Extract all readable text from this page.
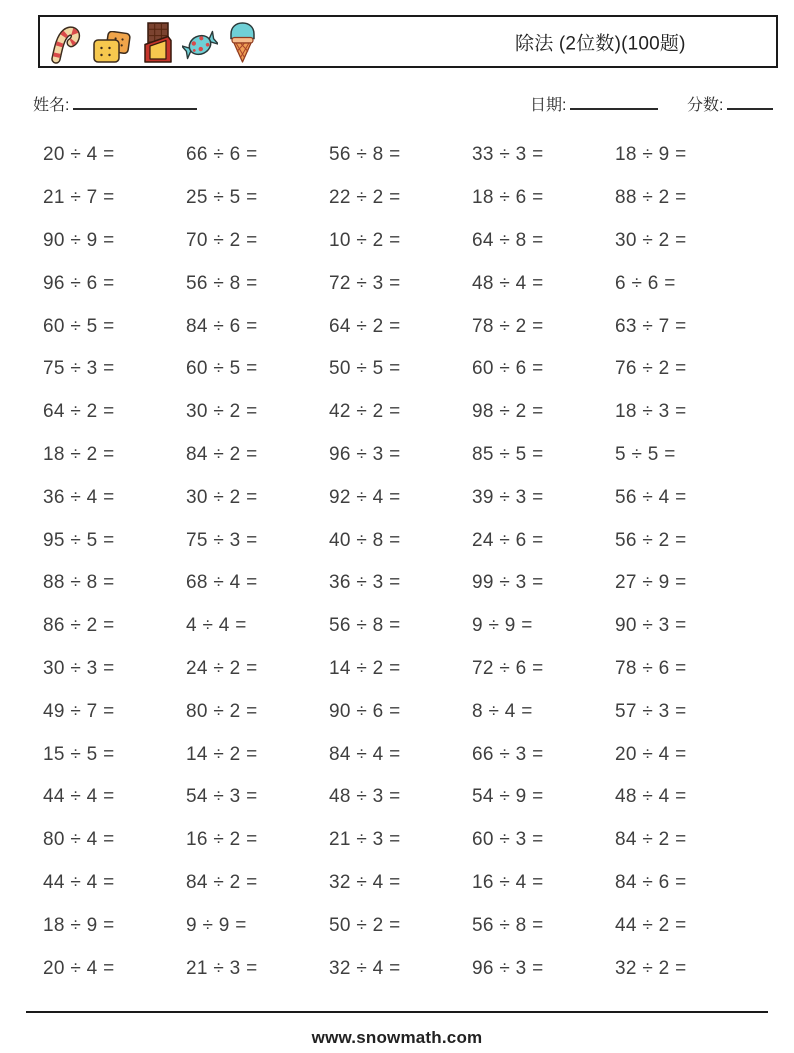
除法 (2位数)(100题)
姓名:	日期:	分数:
20 ÷ 4 =	66 ÷ 6 =	56 ÷ 8 =	33 ÷ 3 =	18 ÷ 9 =
21 ÷ 7 =	25 ÷ 5 =	22 ÷ 2 =	18 ÷ 6 =	88 ÷ 2 =
90 ÷ 9 =	70 ÷ 2 =	10 ÷ 2 =	64 ÷ 8 =	30 ÷ 2 =
96 ÷ 6 =	56 ÷ 8 =	72 ÷ 3 =	48 ÷ 4 =	6 ÷ 6 =
60 ÷ 5 =	84 ÷ 6 =	64 ÷ 2 =	78 ÷ 2 =	63 ÷ 7 =
75 ÷ 3 =	60 ÷ 5 =	50 ÷ 5 =	60 ÷ 6 =	76 ÷ 2 =
64 ÷ 2 =	30 ÷ 2 =	42 ÷ 2 =	98 ÷ 2 =	18 ÷ 3 =
18 ÷ 2 =	84 ÷ 2 =	96 ÷ 3 =	85 ÷ 5 =	5 ÷ 5 =
36 ÷ 4 =	30 ÷ 2 =	92 ÷ 4 =	39 ÷ 3 =	56 ÷ 4 =
95 ÷ 5 =	75 ÷ 3 =	40 ÷ 8 =	24 ÷ 6 =	56 ÷ 2 =
88 ÷ 8 =	68 ÷ 4 =	36 ÷ 3 =	99 ÷ 3 =	27 ÷ 9 =
86 ÷ 2 =	4 ÷ 4 =	56 ÷ 8 =	9 ÷ 9 =	90 ÷ 3 =
30 ÷ 3 =	24 ÷ 2 =	14 ÷ 2 =	72 ÷ 6 =	78 ÷ 6 =
49 ÷ 7 =	80 ÷ 2 =	90 ÷ 6 =	8 ÷ 4 =	57 ÷ 3 =
15 ÷ 5 =	14 ÷ 2 =	84 ÷ 4 =	66 ÷ 3 =	20 ÷ 4 =
44 ÷ 4 =	54 ÷ 3 =	48 ÷ 3 =	54 ÷ 9 =	48 ÷ 4 =
80 ÷ 4 =	16 ÷ 2 =	21 ÷ 3 =	60 ÷ 3 =	84 ÷ 2 =
44 ÷ 4 =	84 ÷ 2 =	32 ÷ 4 =	16 ÷ 4 =	84 ÷ 6 =
18 ÷ 9 =	9 ÷ 9 =	50 ÷ 2 =	56 ÷ 8 =	44 ÷ 2 =
20 ÷ 4 =	21 ÷ 3 =	32 ÷ 4 =	96 ÷ 3 =	32 ÷ 2 =
www.snowmath.com
